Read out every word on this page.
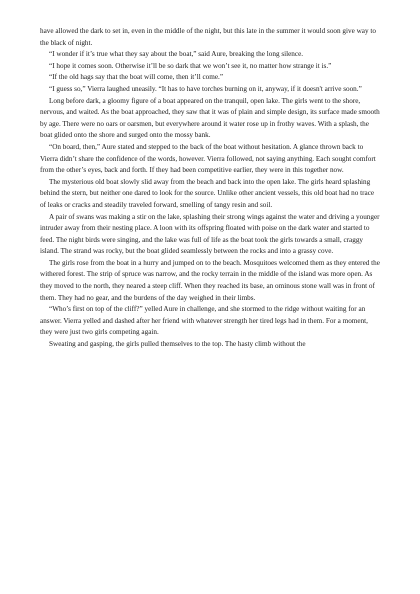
have allowed the dark to set in, even in the middle of the night, but this late in the summer it would soon give way to the black of night.

“I wonder if it’s true what they say about the boat,” said Aure, breaking the long silence.

“I hope it comes soon. Otherwise it’ll be so dark that we won’t see it, no matter how strange it is.”

“If the old hags say that the boat will come, then it’ll come.”

“I guess so,” Vierra laughed uneasily. “It has to have torches burning on it, anyway, if it doesn't arrive soon.”

Long before dark, a gloomy figure of a boat appeared on the tranquil, open lake. The girls went to the shore, nervous, and waited. As the boat approached, they saw that it was of plain and simple design, its surface made smooth by age. There were no oars or oarsmen, but everywhere around it water rose up in frothy waves. With a splash, the boat glided onto the shore and surged onto the mossy bank.

“On board, then,” Aure stated and stepped to the back of the boat without hesitation. A glance thrown back to Vierra didn’t share the confidence of the words, however. Vierra followed, not saying anything. Each sought comfort from the other’s eyes, back and forth. If they had been competitive earlier, they were in this together now.

The mysterious old boat slowly slid away from the beach and back into the open lake. The girls heard splashing behind the stern, but neither one dared to look for the source. Unlike other ancient vessels, this old boat had no trace of leaks or cracks and steadily traveled forward, smelling of tangy resin and soil.

A pair of swans was making a stir on the lake, splashing their strong wings against the water and driving a younger intruder away from their nesting place. A loon with its offspring floated with poise on the dark water and started to feed. The night birds were singing, and the lake was full of life as the boat took the girls towards a small, craggy island. The strand was rocky, but the boat glided seamlessly between the rocks and into a grassy cove.

The girls rose from the boat in a hurry and jumped on to the beach. Mosquitoes welcomed them as they entered the withered forest. The strip of spruce was narrow, and the rocky terrain in the middle of the island was more open. As they moved to the north, they neared a steep cliff. When they reached its base, an ominous stone wall was in front of them. They had no gear, and the burdens of the day weighed in their limbs.

“Who’s first on top of the cliff?” yelled Aure in challenge, and she stormed to the ridge without waiting for an answer. Vierra yelled and dashed after her friend with whatever strength her tired legs had in them. For a moment, they were just two girls competing again.

Sweating and gasping, the girls pulled themselves to the top. The hasty climb without the
